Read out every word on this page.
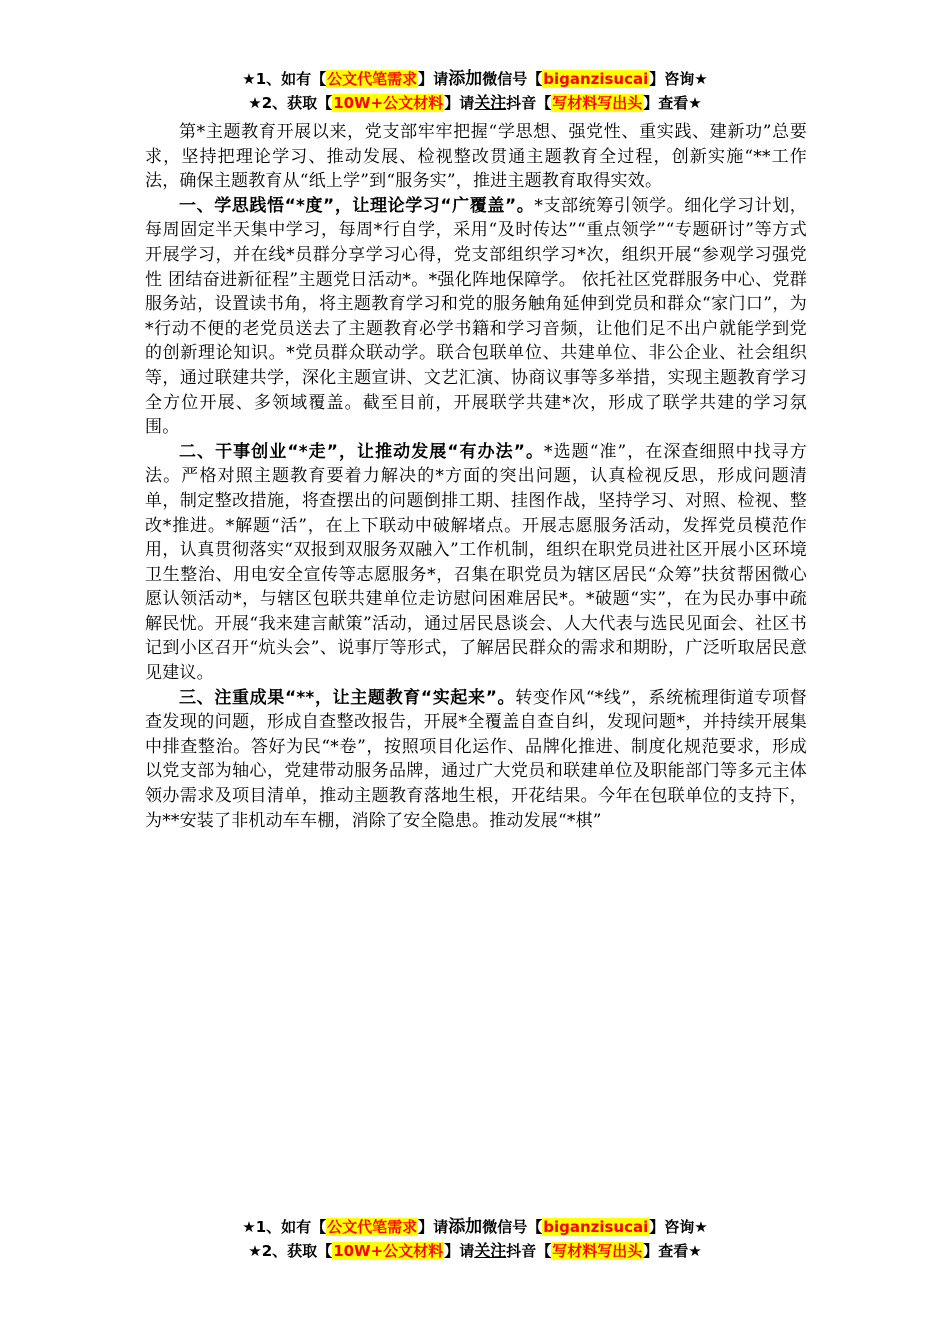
★1、如有【公文代笔需求】请添加微信号【biganzisucai】咨询★
★2、获取【10W+公文材料】请关注抖音【写材料写出头】查看★

第*主题教育开展以来，党支部牢牢把握“学思想、强党性、重实践、建新功”总要求，坚持把理论学习、推动发展、检视整改贯通主题教育全过程，创新实施“**工作法，确保主题教育从“纸上学”到“服务实”，推进主题教育取得实效。

一、学思践悟“*度”，让理论学习“广覆盖”。*支部统筹引领学。细化学习计划，每周固定半天集中学习，每周*行自学，采用“及时传达”“重点领学”“专题研讨”等方式开展学习，并在线*员群分享学习心得，党支部组织学习*次，组织开展“参观学习强党性 团结奋进新征程”主题党日活动*。*强化阵地保障学。 依托社区党群服务中心、党群服务站，设置读书角，将主题教育学习和党的服务触角延伸到党员和群众“家门口”，为*行动不便的老党员送去了主题教育必学书籍和学习音频，让他们足不出户就能学到党的创新理论知识。*党员群众联动学。联合包联单位、共建单位、非公企业、社会组织等，通过联建共学，深化主题宣讲、文艺汇演、协商议事等多举措，实现主题教育学习全方位开展、多领域覆盖。截至目前，开展联学共建*次，形成了联学共建的学习氛围。

二、干事创业“*走”，让推动发展“有办法”。*选题“准”，在深查细照中找寻方法。严格对照主题教育要着力解决的*方面的突出问题，认真检视反思，形成问题清单，制定整改措施，将查摆出的问题倒排工期、挂图作战，坚持学习、对照、检视、整改*推进。*解题“活”，在上下联动中破解堵点。开展志愿服务活动，发挥党员模范作用，认真贯彻落实“双报到双服务双融入”工作机制，组织在职党员进社区开展小区环境卫生整治、用电安全宣传等志愿服务*，召集在职党员为辖区居民“众筹”扶贫帮困微心愿认领活动*，与辖区包联共建单位走访慰问困难居民*。*破题“实”，在为民办事中疏解民忧。开展“我来建言献策”活动，通过居民恳谈会、人大代表与选民见面会、社区书记到小区召开“炕头会”、说事厅等形式，了解居民群众的需求和期盼，广泛听取居民意见建议。

三、注重成果“**，让主题教育“实起来”。转变作风“*线”，系统梳理街道专项督查发现的问题，形成自查整改报告，开展*全覆盖自查自纠，发现问题*，并持续开展集中排查整治。答好为民“*卷”，按照项目化运作、品牌化推进、制度化规范要求，形成以党支部为轴心，党建带动服务品牌，通过广大党员和联建单位及职能部门等多元主体领办需求及项目清单，推动主题教育落地生根，开花结果。今年在包联单位的支持下，为**安装了非机动车车棚，消除了安全隐患。推动发展“*棋”

★1、如有【公文代笔需求】请添加微信号【biganzisucai】咨询★
★2、获取【10W+公文材料】请关注抖音【写材料写出头】查看★
